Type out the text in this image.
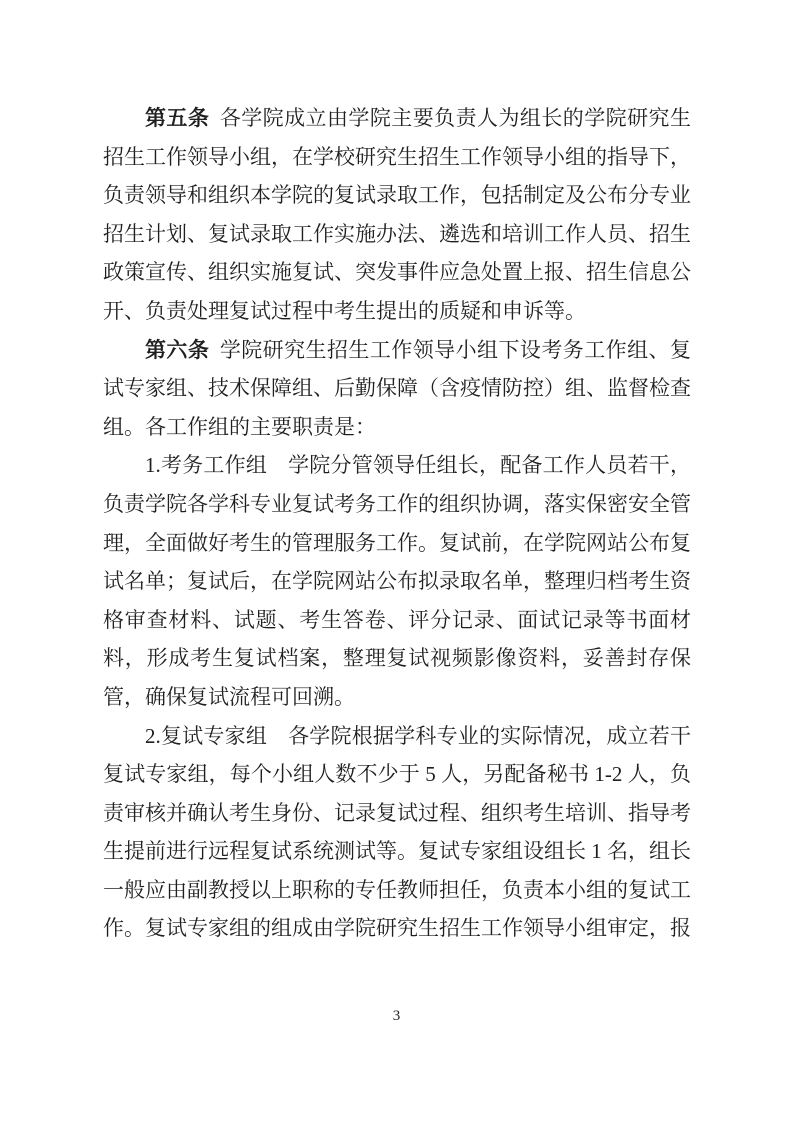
第五条 各学院成立由学院主要负责人为组长的学院研究生招生工作领导小组，在学校研究生招生工作领导小组的指导下，负责领导和组织本学院的复试录取工作，包括制定及公布分专业招生计划、复试录取工作实施办法、遴选和培训工作人员、招生政策宣传、组织实施复试、突发事件应急处置上报、招生信息公开、负责处理复试过程中考生提出的质疑和申诉等。

第六条 学院研究生招生工作领导小组下设考务工作组、复试专家组、技术保障组、后勤保障（含疫情防控）组、监督检查组。各工作组的主要职责是：

1.考务工作组 学院分管领导任组长，配备工作人员若干，负责学院各学科专业复试考务工作的组织协调，落实保密安全管理，全面做好考生的管理服务工作。复试前，在学院网站公布复试名单；复试后，在学院网站公布拟录取名单，整理归档考生资格审查材料、试题、考生答卷、评分记录、面试记录等书面材料，形成考生复试档案，整理复试视频影像资料，妥善封存保管，确保复试流程可回溯。

2.复试专家组 各学院根据学科专业的实际情况，成立若干复试专家组，每个小组人数不少于 5 人，另配备秘书 1-2 人，负责审核并确认考生身份、记录复试过程、组织考生培训、指导考生提前进行远程复试系统测试等。复试专家组设组长 1 名，组长一般应由副教授以上职称的专任教师担任，负责本小组的复试工作。复试专家组的组成由学院研究生招生工作领导小组审定，报

3
